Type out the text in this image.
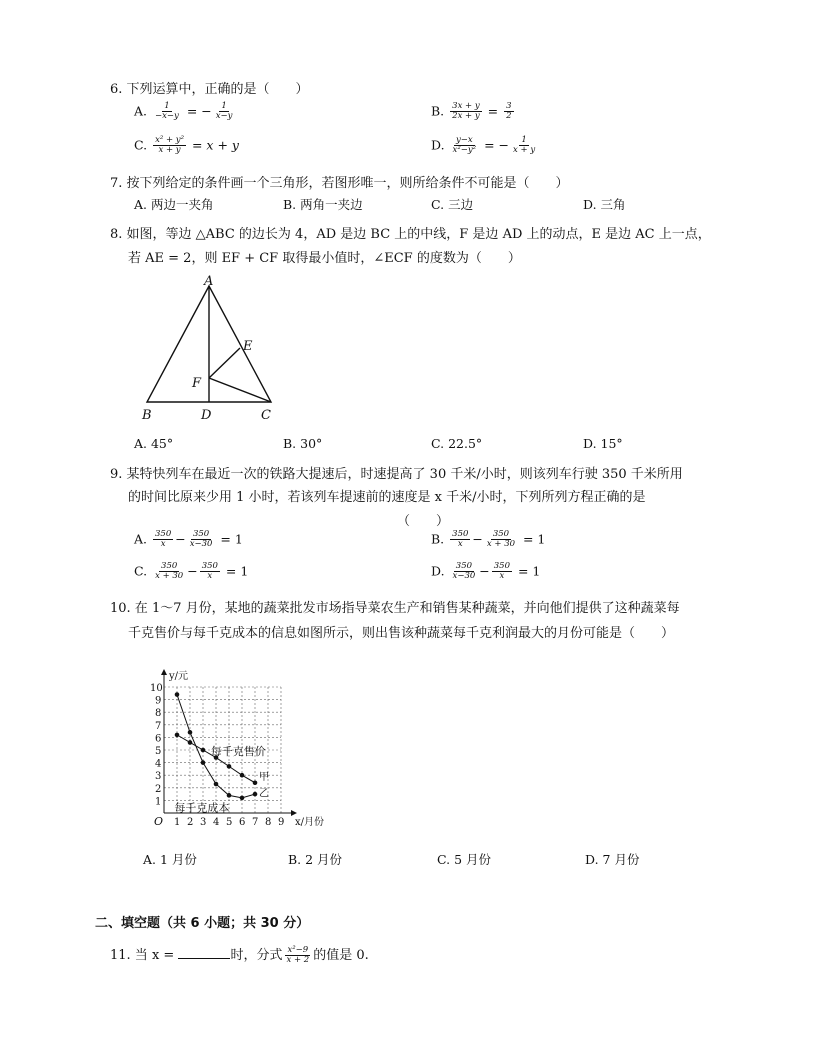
6. 下列运算中，正确的是（　　）
A. $\frac{1}{-x-y}$ = − $\frac{1}{x-y}$	B. $\frac{3x + y}{2x + y} = \frac{3}{2}$
C. $\frac{\text{x² + y²}}{x + y} = x + y$	D. $\frac{y-x}{\text{x²−y²}}$ = − $\frac{1}{x + y}$
7. 按下列给定的条件画一个三角形，若图形唯一，则所给条件不可能是（　　）
A. 两边一夹角	B. 两角一夹边	C. 三边	D. 三角
8. 如图，等边 △ABC 的边长为 4，AD 是边 BC 上的中线，F 是边 AD 上的动点，E 是边 AC 上一点，
若 AE = 2，则 EF + CF 取得最小值时，∠ECF 的度数为（　　）
A
B	C
D
E
F
A. 45°	B. 30°	C. 22.5°	D. 15°
9. 某特快列车在最近一次的铁路大提速后，时速提高了 30 千米/小时，则该列车行驶 350 千米所用
的时间比原来少用 1 小时，若该列车提速前的速度是 x 千米/小时，下列所列方程正确的是
（　　）
A. $\frac{350}{x} - \frac{350}{x-30} = 1$	B. $\frac{350}{x} - \frac{350}{x + 30} = 1$
C. $\frac{350}{x + 30} - \frac{350}{x} = 1$	D. $\frac{350}{x-30} - \frac{350}{x} = 1$
10. 在 1～7 月份，某地的蔬菜批发市场指导菜农生产和销售某种蔬菜，并向他们提供了这种蔬菜每
千克售价与每千克成本的信息如图所示，则出售该种蔬菜每千克利润最大的月份可能是（　　）
1 2 3 4 5 6 7 8 9
1
2
3
4
5
6
7
8
9
10
O	x/月份
y/元
每千克售价
甲
乙
每千克成本
A. 1 月份	B. 2 月份	C. 5 月份	D. 7 月份
二、填空题（共 6 小题；共 30 分）
11. 当 x =	时，分式 $\frac{\text{x²−9}}{x + 2}$ 的值是 0.
